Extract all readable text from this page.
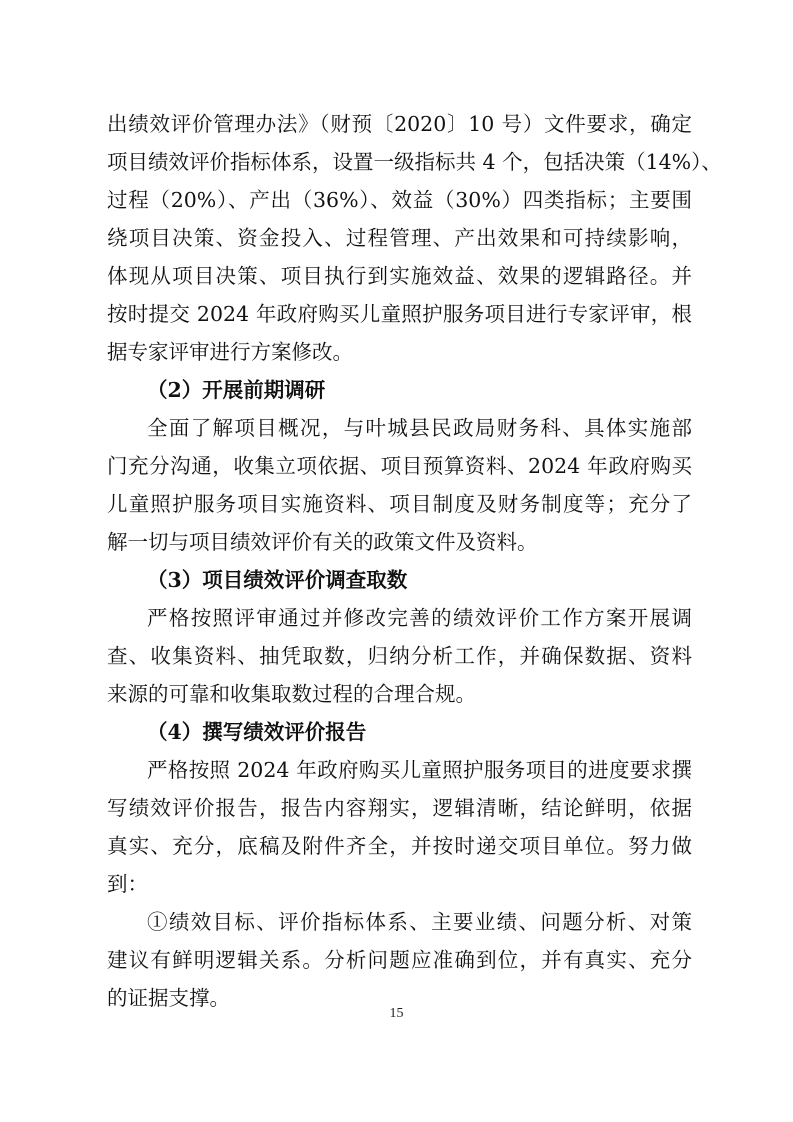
出绩效评价管理办法》（财预〔2020〕10 号）文件要求，确定
项目绩效评价指标体系，设置一级指标共 4 个，包括决策（14%）、
过程（20%）、产出（36%）、效益（30%）四类指标；主要围
绕项目决策、资金投入、过程管理、产出效果和可持续影响，
体现从项目决策、项目执行到实施效益、效果的逻辑路径。并
按时提交 2024 年政府购买儿童照护服务项目进行专家评审，根
据专家评审进行方案修改。
（2）开展前期调研
全面了解项目概况，与叶城县民政局财务科、具体实施部
门充分沟通，收集立项依据、项目预算资料、2024 年政府购买
儿童照护服务项目实施资料、项目制度及财务制度等；充分了
解一切与项目绩效评价有关的政策文件及资料。
（3）项目绩效评价调查取数
严格按照评审通过并修改完善的绩效评价工作方案开展调
查、收集资料、抽凭取数，归纳分析工作，并确保数据、资料
来源的可靠和收集取数过程的合理合规。
（4）撰写绩效评价报告
严格按照 2024 年政府购买儿童照护服务项目的进度要求撰
写绩效评价报告，报告内容翔实，逻辑清晰，结论鲜明，依据
真实、充分，底稿及附件齐全，并按时递交项目单位。努力做
到：
①绩效目标、评价指标体系、主要业绩、问题分析、对策
建议有鲜明逻辑关系。分析问题应准确到位，并有真实、充分
的证据支撑。
15
